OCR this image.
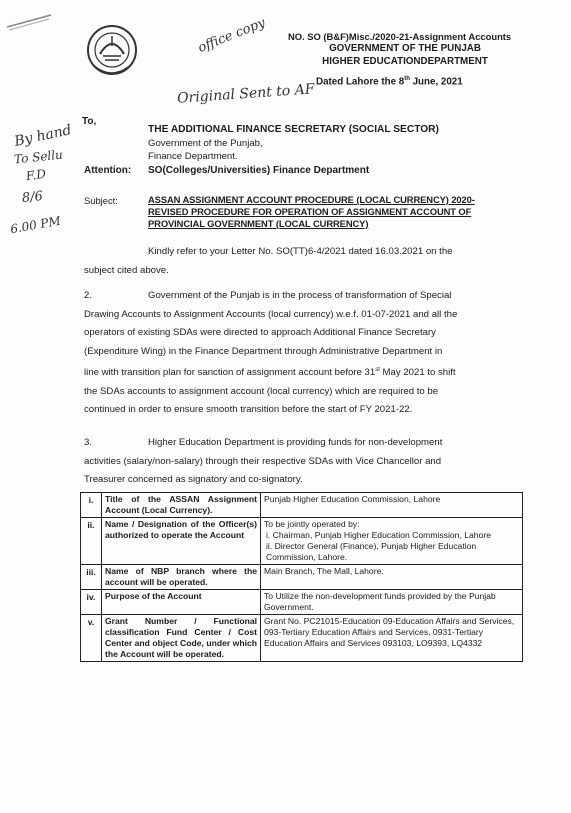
NO. SO (B&F)Misc./2020-21-Assignment Accounts
GOVERNMENT OF THE PUNJAB
HIGHER EDUCATIONDEPARTMENT
Dated Lahore the 8th June, 2021
office copy
Original Sent to AF
By hand
To Sellu
F.D
8/6
6.00 PM
To,
THE ADDITIONAL FINANCE SECRETARY (SOCIAL SECTOR)
Government of the Punjab,
Finance Department.
Attention: SO(Colleges/Universities) Finance Department
Subject:	ASSAN ASSIGNMENT ACCOUNT PROCEDURE (LOCAL CURRENCY) 2020-
REVISED PROCEDURE FOR OPERATION OF ASSIGNMENT ACCOUNT OF
PROVINCIAL GOVERNMENT (LOCAL CURRENCY)
Kindly refer to your Letter No. SO(TT)6-4/2021 dated 16.03.2021 on the
subject cited above.
2.	Government of the Punjab is in the process of transformation of Special
Drawing Accounts to Assignment Accounts (local currency) w.e.f. 01-07-2021 and all the
operators of existing SDAs were directed to approach Additional Finance Secretary
(Expenditure Wing) in the Finance Department through Administrative Department in
line with transition plan for sanction of assignment account before 31st May 2021 to shift
the SDAs accounts to assignment account (local currency) which are required to be
continued in order to ensure smooth transition before the start of FY 2021-22.
3.	Higher Education Department is providing funds for non-development
activities (salary/non-salary) through their respective SDAs with Vice Chancellor and
Treasurer concerned as signatory and co-signatory.
i.	Title of the ASSAN Assignment Account (Local Currency).	Punjab Higher Education Commission, Lahore

ii.	Name / Designation of the Officer(s) authorized to operate the Account	To be jointly operated by:
i. Chairman, Punjab Higher Education Commission, Lahore
ii. Director General (Finance), Punjab Higher Education Commission, Lahore.

iii.	Name of NBP branch where the account will be operated.	Main Branch, The Mall, Lahore.

iv.	Purpose of the Account	To Utilize the non-development funds provided by the Punjab Government.

v.	Grant Number / Functional classification Fund Center / Cost Center and object Code, under which the Account will be operated.	Grant No. PC21015-Education 09-Education Affairs and Services, 093-Tertiary Education Affairs and Services, 0931-Tertiary Education Affairs and Services 093103, LO9393, LQ4332
